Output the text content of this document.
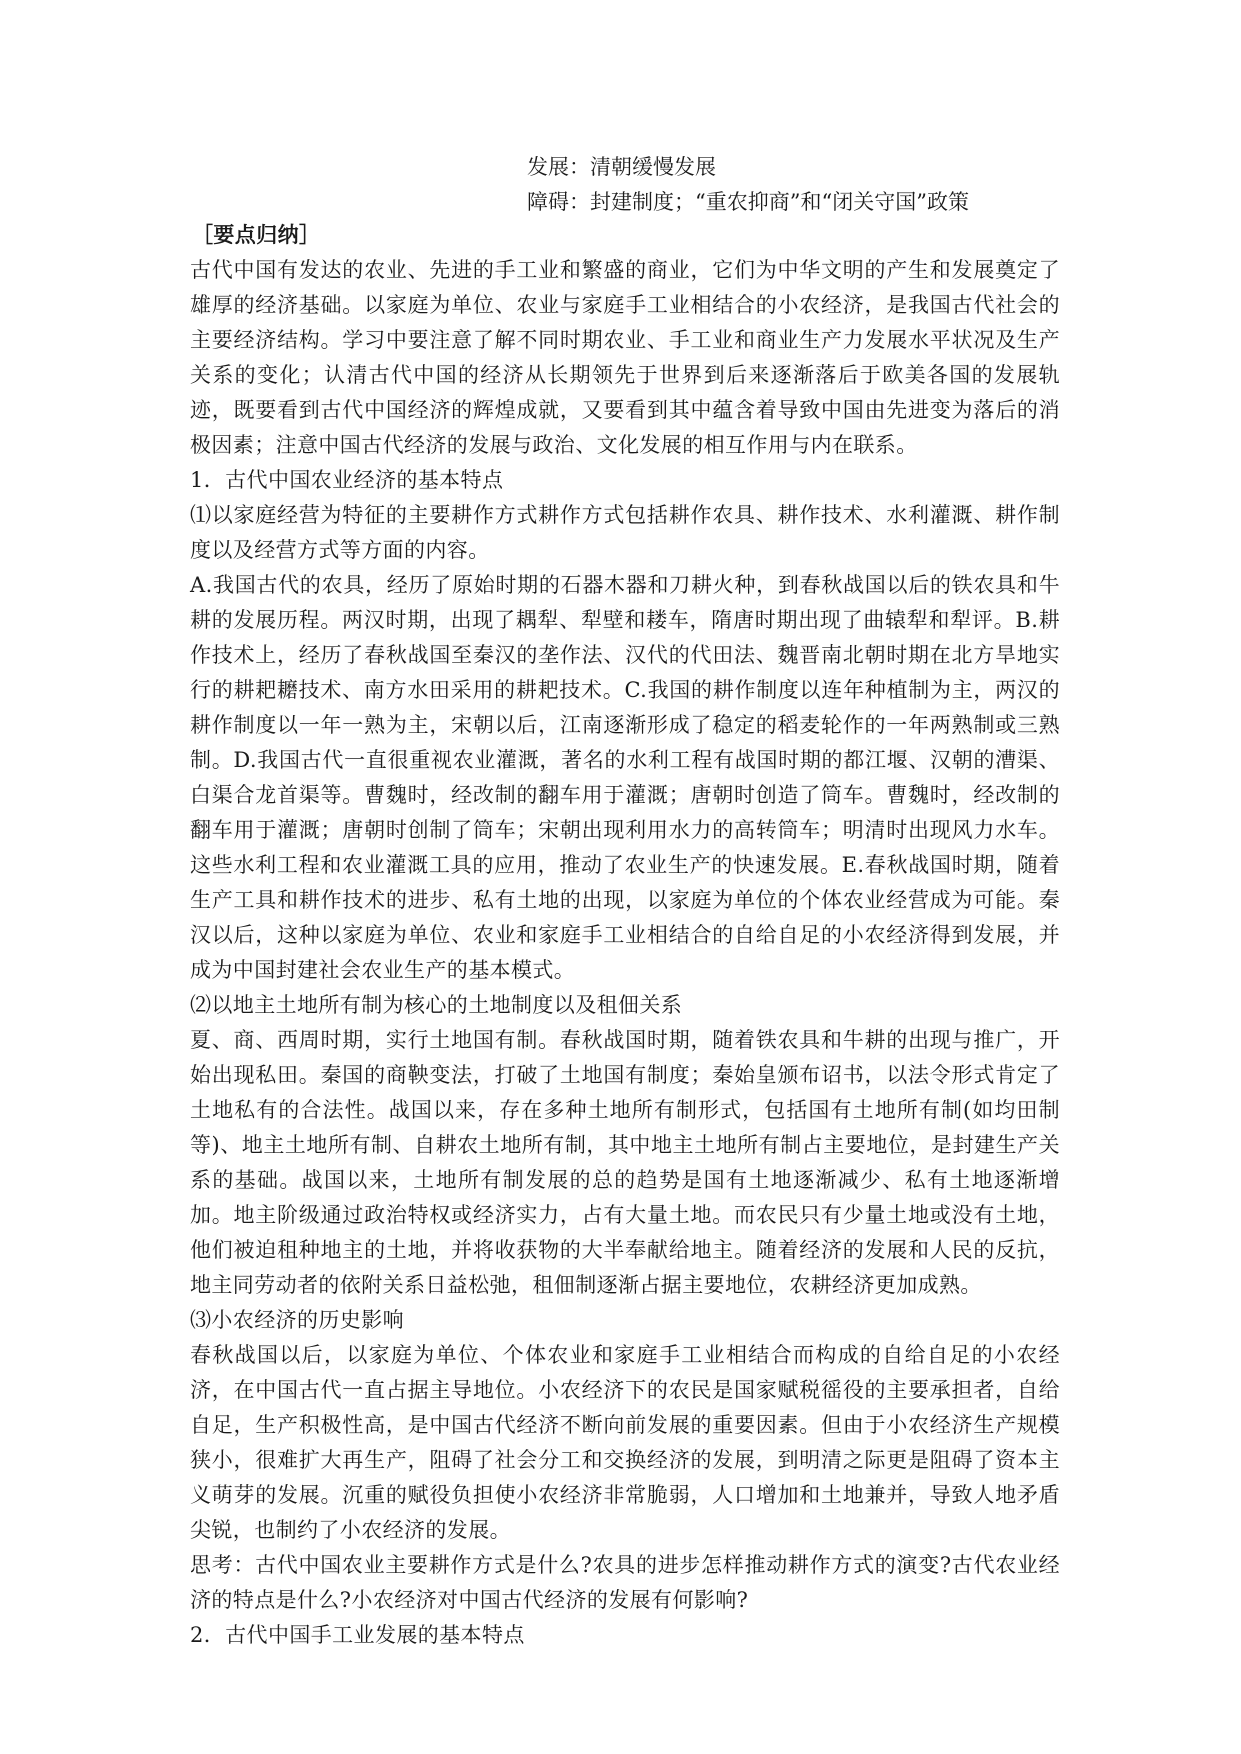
发展：清朝缓慢发展
障碍：封建制度；“重农抑商”和“闭关守国”政策
［要点归纳］

古代中国有发达的农业、先进的手工业和繁盛的商业，它们为中华文明的产生和发展奠定了雄厚的经济基础。以家庭为单位、农业与家庭手工业相结合的小农经济，是我国古代社会的主要经济结构。学习中要注意了解不同时期农业、手工业和商业生产力发展水平状况及生产关系的变化；认清古代中国的经济从长期领先于世界到后来逐渐落后于欧美各国的发展轨迹，既要看到古代中国经济的辉煌成就，又要看到其中蕴含着导致中国由先进变为落后的消极因素；注意中国古代经济的发展与政治、文化发展的相互作用与内在联系。

1．古代中国农业经济的基本特点

⑴以家庭经营为特征的主要耕作方式耕作方式包括耕作农具、耕作技术、水利灌溉、耕作制度以及经营方式等方面的内容。

A.我国古代的农具，经历了原始时期的石器木器和刀耕火种，到春秋战国以后的铁农具和牛耕的发展历程。两汉时期，出现了耦犁、犁壁和耧车，隋唐时期出现了曲辕犁和犁评。B.耕作技术上，经历了春秋战国至秦汉的垄作法、汉代的代田法、魏晋南北朝时期在北方旱地实行的耕耙耱技术、南方水田采用的耕耙技术。C.我国的耕作制度以连年种植制为主，两汉的耕作制度以一年一熟为主，宋朝以后，江南逐渐形成了稳定的稻麦轮作的一年两熟制或三熟制。D.我国古代一直很重视农业灌溉，著名的水利工程有战国时期的都江堰、汉朝的漕渠、白渠合龙首渠等。曹魏时，经改制的翻车用于灌溉；唐朝时创造了筒车。曹魏时，经改制的翻车用于灌溉；唐朝时创制了筒车；宋朝出现利用水力的高转筒车；明清时出现风力水车。这些水利工程和农业灌溉工具的应用，推动了农业生产的快速发展。E.春秋战国时期，随着生产工具和耕作技术的进步、私有土地的出现，以家庭为单位的个体农业经营成为可能。秦汉以后，这种以家庭为单位、农业和家庭手工业相结合的自给自足的小农经济得到发展，并成为中国封建社会农业生产的基本模式。

⑵以地主土地所有制为核心的土地制度以及租佃关系

夏、商、西周时期，实行土地国有制。春秋战国时期，随着铁农具和牛耕的出现与推广，开始出现私田。秦国的商鞅变法，打破了土地国有制度；秦始皇颁布诏书，以法令形式肯定了土地私有的合法性。战国以来，存在多种土地所有制形式，包括国有土地所有制(如均田制等)、地主土地所有制、自耕农土地所有制，其中地主土地所有制占主要地位，是封建生产关系的基础。战国以来，土地所有制发展的总的趋势是国有土地逐渐减少、私有土地逐渐增加。地主阶级通过政治特权或经济实力，占有大量土地。而农民只有少量土地或没有土地，他们被迫租种地主的土地，并将收获物的大半奉献给地主。随着经济的发展和人民的反抗，地主同劳动者的依附关系日益松弛，租佃制逐渐占据主要地位，农耕经济更加成熟。

⑶小农经济的历史影响

春秋战国以后，以家庭为单位、个体农业和家庭手工业相结合而构成的自给自足的小农经济，在中国古代一直占据主导地位。小农经济下的农民是国家赋税徭役的主要承担者，自给自足，生产积极性高，是中国古代经济不断向前发展的重要因素。但由于小农经济生产规模狭小，很难扩大再生产，阻碍了社会分工和交换经济的发展，到明清之际更是阻碍了资本主义萌芽的发展。沉重的赋役负担使小农经济非常脆弱，人口增加和土地兼并，导致人地矛盾尖锐，也制约了小农经济的发展。

思考：古代中国农业主要耕作方式是什么?农具的进步怎样推动耕作方式的演变?古代农业经济的特点是什么?小农经济对中国古代经济的发展有何影响?

2．古代中国手工业发展的基本特点
